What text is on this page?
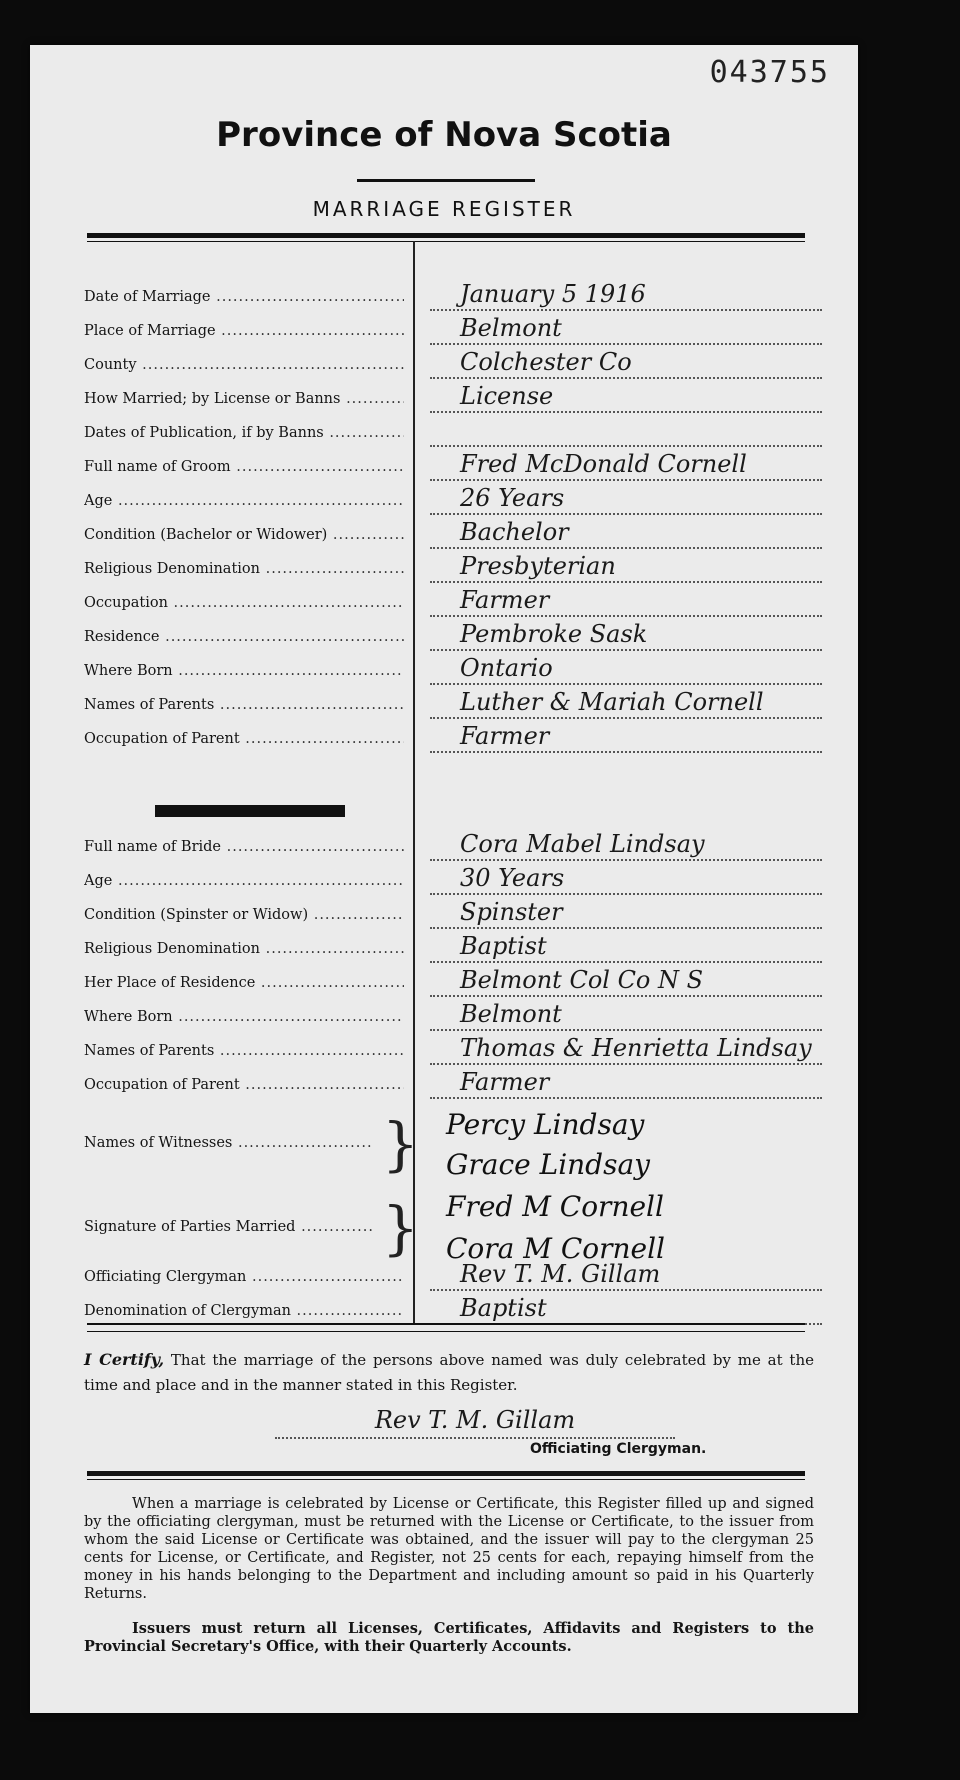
043755
Province of Nova Scotia
MARRIAGE REGISTER
Date of Marriage .....	January 5 1916
Place of Marriage .....	Belmont
County .....	Colchester Co
How Married; by License or Banns .....	License
Dates of Publication, if by Banns .....
Full name of Groom .....	Fred McDonald Cornell
Age .....	26 Years
Condition (Bachelor or Widower) .....	Bachelor
Religious Denomination .....	Presbyterian
Occupation .....	Farmer
Residence .....	Pembroke Sask
Where Born .....	Ontario
Names of Parents .....	Luther & Mariah Cornell
Occupation of Parent .....	Farmer
Full name of Bride .....	Cora Mabel Lindsay
Age .....	30 Years
Condition (Spinster or Widow) .....	Spinster
Religious Denomination .....	Baptist
Her Place of Residence .....	Belmont Col Co N S
Where Born .....	Belmont
Names of Parents .....	Thomas & Henrietta Lindsay
Occupation of Parent .....	Farmer
Names of Witnesses .....	} Percy Lindsay
Grace Lindsay
Signature of Parties Married .....	} Fred M Cornell
Cora M Cornell
Officiating Clergyman .....	Rev T. M. Gillam
Denomination of Clergyman .....	Baptist
I Certify, That the marriage of the persons above named was duly celebrated by me at the time and place and in the manner stated in this Register.
Rev T. M. Gillam
Officiating Clergyman.
When a marriage is celebrated by License or Certificate, this Register filled up and signed by the officiating clergyman, must be returned with the License or Certificate, to the issuer from whom the said License or Certificate was obtained, and the issuer will pay to the clergyman 25 cents for License, or Certificate, and Register, not 25 cents for each, repaying himself from the money in his hands belonging to the Department and including amount so paid in his Quarterly Returns.
Issuers must return all Licenses, Certificates, Affidavits and Registers to the Provincial Secretary's Office, with their Quarterly Accounts.
